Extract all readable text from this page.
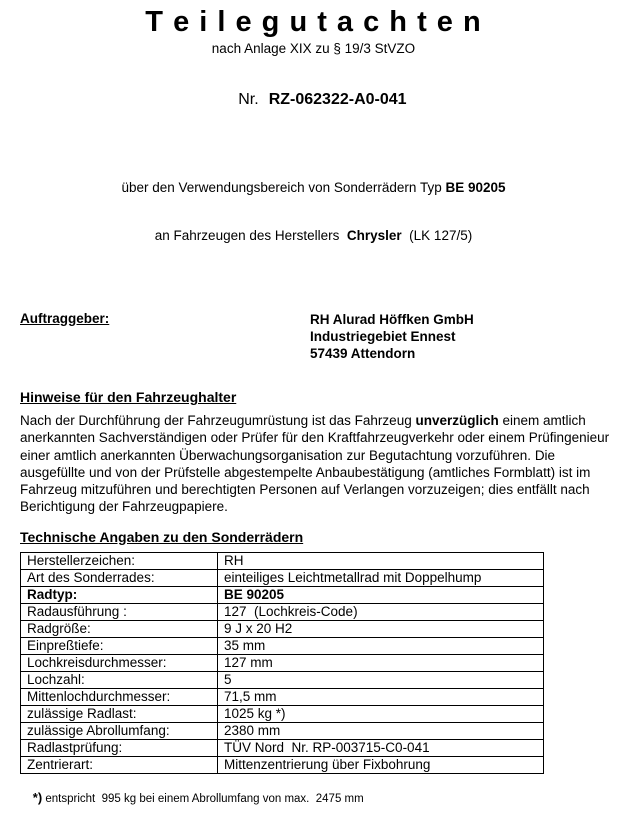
T e i l e g u t a c h t e n
nach Anlage XIX zu § 19/3 StVZO

Nr. RZ-062322-A0-041

über den Verwendungsbereich von Sonderrädern Typ BE 90205

an Fahrzeugen des Herstellers  Chrysler  (LK 127/5)

Auftraggeber:	RH Alurad Höffken GmbH
Industriegebiet Ennest
57439 Attendorn
Hinweise für den Fahrzeughalter
Nach der Durchführung der Fahrzeugumrüstung ist das Fahrzeug unverzüglich einem amtlich anerkannten Sachverständigen oder Prüfer für den Kraftfahrzeugverkehr oder einem Prüfingenieur einer amtlich anerkannten Überwachungsorganisation zur Begutachtung vorzuführen. Die ausgefüllte und von der Prüfstelle abgestempelte Anbaubestätigung (amtliches Formblatt) ist im Fahrzeug mitzuführen und berechtigten Personen auf Verlangen vorzuzeigen; dies entfällt nach Berichtigung der Fahrzeugpapiere.
Technische Angaben zu den Sonderrädern
Herstellerzeichen:	RH
Art des Sonderrades:	einteiliges Leichtmetallrad mit Doppelhump
Radtyp:	BE 90205
Radausführung :	127  (Lochkreis-Code)
Radgröße:	9 J x 20 H2
Einpreßtiefe:	35 mm
Lochkreisdurchmesser:	127 mm
Lochzahl:	5
Mittenlochdurchmesser:	71,5 mm
zulässige Radlast:	1025 kg *)
zulässige Abrollumfang:	2380 mm
Radlastprüfung:	TÜV Nord  Nr. RP-003715-C0-041
Zentrierart:	Mittenzentrierung über Fixbohrung

*) entspricht  995 kg bei einem Abrollumfang von max.  2475 mm
